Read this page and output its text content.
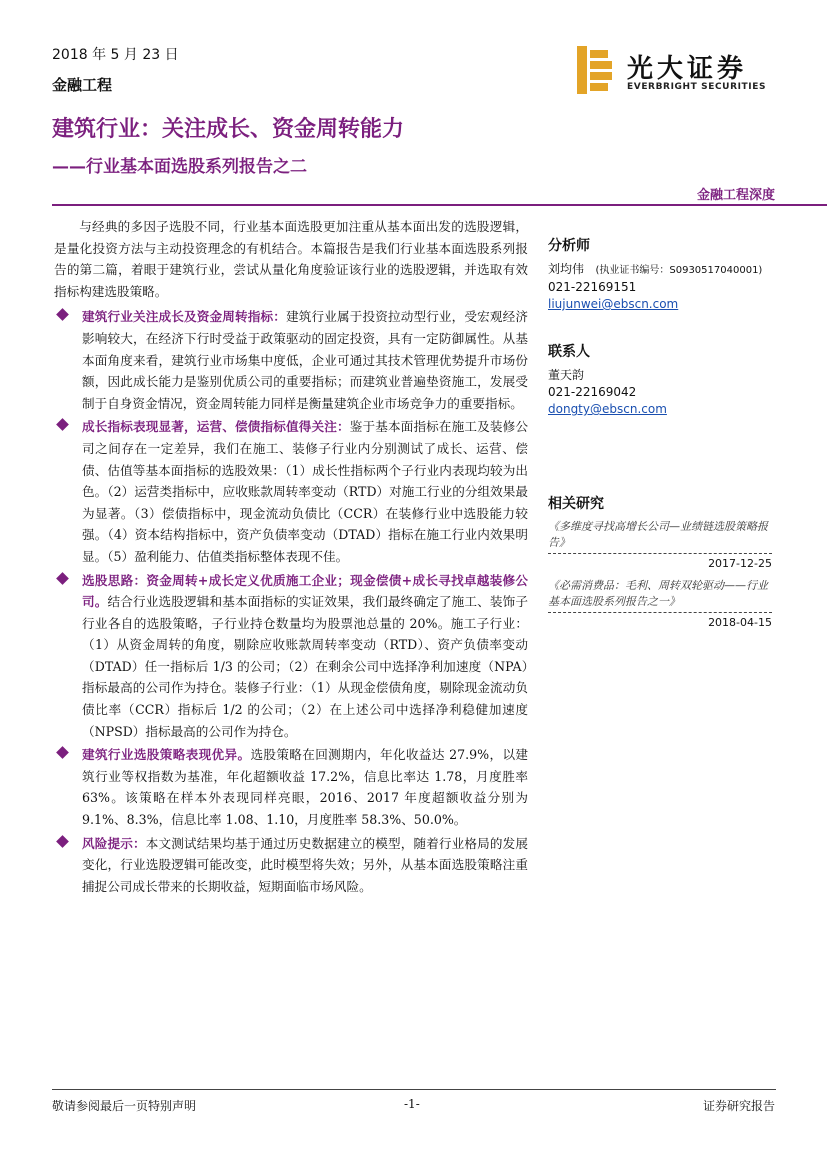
2018 年 5 月 23 日
金融工程
光大证券
EVERBRIGHT SECURITIES
建筑行业：关注成长、资金周转能力
——行业基本面选股系列报告之二
金融工程深度

与经典的多因子选股不同，行业基本面选股更加注重从基本面出发的选股逻辑，是量化投资方法与主动投资理念的有机结合。本篇报告是我们行业基本面选股系列报告的第二篇，着眼于建筑行业，尝试从量化角度验证该行业的选股逻辑，并选取有效指标构建选股策略。

建筑行业关注成长及资金周转指标：建筑行业属于投资拉动型行业，受宏观经济影响较大，在经济下行时受益于政策驱动的固定投资，具有一定防御属性。从基本面角度来看，建筑行业市场集中度低，企业可通过其技术管理优势提升市场份额，因此成长能力是鉴别优质公司的重要指标；而建筑业普遍垫资施工，发展受制于自身资金情况，资金周转能力同样是衡量建筑企业市场竞争力的重要指标。

成长指标表现显著，运营、偿债指标值得关注：鉴于基本面指标在施工及装修公司之间存在一定差异，我们在施工、装修子行业内分别测试了成长、运营、偿债、估值等基本面指标的选股效果：（1）成长性指标两个子行业内表现均较为出色。（2）运营类指标中，应收账款周转率变动（RTD）对施工行业的分组效果最为显著。（3）偿债指标中，现金流动负债比（CCR）在装修行业中选股能力较强。（4）资本结构指标中，资产负债率变动（DTAD）指标在施工行业内效果明显。（5）盈利能力、估值类指标整体表现不佳。

选股思路：资金周转+成长定义优质施工企业；现金偿债+成长寻找卓越装修公司。结合行业选股逻辑和基本面指标的实证效果，我们最终确定了施工、装饰子行业各自的选股策略，子行业持仓数量均为股票池总量的 20%。施工子行业：（1）从资金周转的角度，剔除应收账款周转率变动（RTD）、资产负债率变动（DTAD）任一指标后 1/3 的公司；（2）在剩余公司中选择净利加速度（NPA）指标最高的公司作为持仓。装修子行业：（1）从现金偿债角度，剔除现金流动负债比率（CCR）指标后 1/2 的公司；（2）在上述公司中选择净利稳健加速度（NPSD）指标最高的公司作为持仓。

建筑行业选股策略表现优异。选股策略在回测期内，年化收益达 27.9%，以建筑行业等权指数为基准，年化超额收益 17.2%，信息比率达 1.78，月度胜率 63%。该策略在样本外表现同样亮眼，2016、2017 年度超额收益分别为 9.1%、8.3%，信息比率 1.08、1.10，月度胜率 58.3%、50.0%。

风险提示：本文测试结果均基于通过历史数据建立的模型，随着行业格局的发展变化，行业选股逻辑可能改变，此时模型将失效；另外，从基本面选股策略注重捕捉公司成长带来的长期收益，短期面临市场风险。

分析师
刘均伟 (执业证书编号：S0930517040001)
021-22169151
liujunwei@ebscn.com
联系人
董天韵
021-22169042
dongty@ebscn.com
相关研究
《多维度寻找高增长公司—业绩链选股策略报告》
2017-12-25
《必需消费品：毛利、周转双轮驱动——行业基本面选股系列报告之一》
2018-04-15
敬请参阅最后一页特别声明	-1-	证券研究报告
